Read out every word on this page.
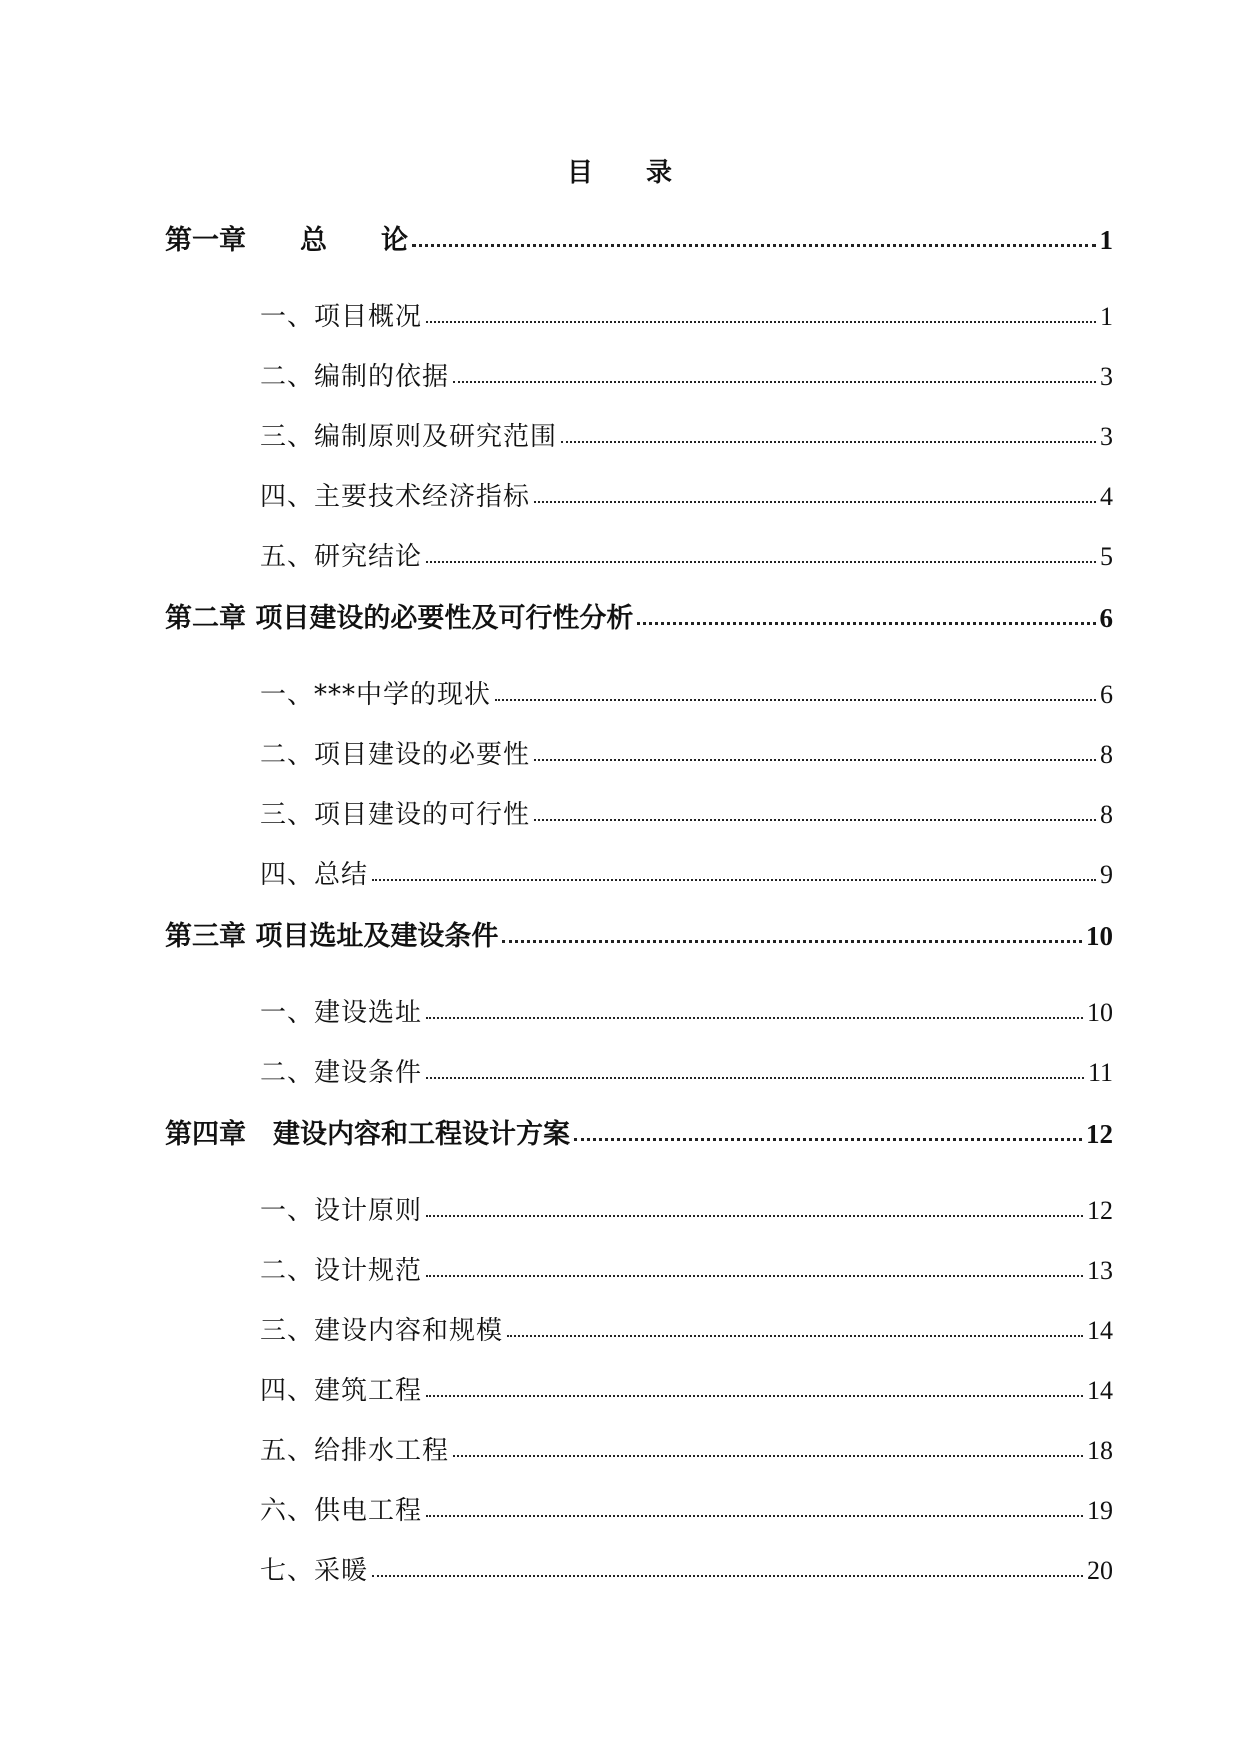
目 录
第一章　　总　　论	1
一、项目概况	1
二、编制的依据	3
三、编制原则及研究范围	3
四、主要技术经济指标	4
五、研究结论	5
第二章 项目建设的必要性及可行性分析	6
一、***中学的现状	6
二、项目建设的必要性	8
三、项目建设的可行性	8
四、总结	9
第三章 项目选址及建设条件	10
一、建设选址	10
二、建设条件	11
第四章　建设内容和工程设计方案	12
一、设计原则	12
二、设计规范	13
三、建设内容和规模	14
四、建筑工程	14
五、给排水工程	18
六、供电工程	19
七、采暖	20
